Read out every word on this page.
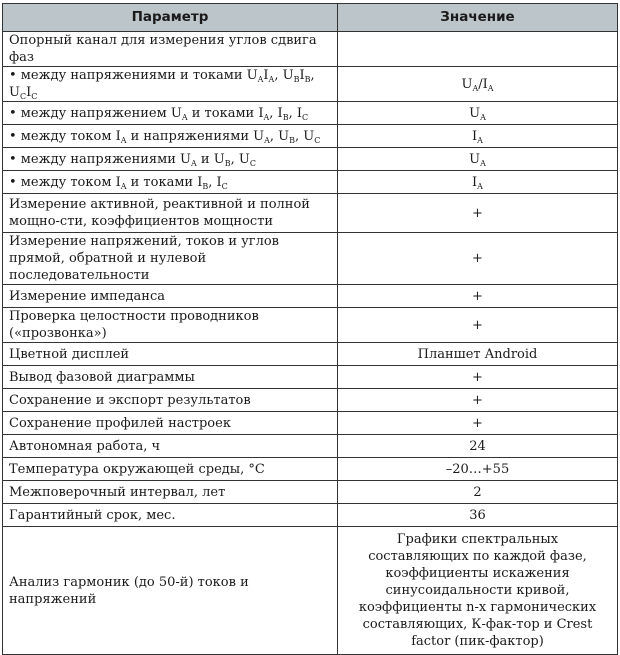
Параметр	Значение
Опорный канал для измерения углов сдвига фаз	
• между напряжениями и токами $U_AI_A$, $U_BI_B$, $U_CI_C$	$U_A/I_A$
• между напряжением $U_A$ и токами $I_A$, $I_B$, $I_C$	$U_A$
• между током $I_A$ и напряжениями $U_A$, $U_B$, $U_C$	$I_A$
• между напряжениями $U_A$ и $U_B$, $U_C$	$U_A$
• между током $I_A$ и токами $I_B$, $I_C$	$I_A$
Измерение активной, реактивной и полной мощно-сти, коэффициентов мощности	+
Измерение напряжений, токов и углов прямой, обратной и нулевой последовательности	+
Измерение импеданса	+
Проверка целостности проводников («прозвонка»)	+
Цветной дисплей	Планшет Android
Вывод фазовой диаграммы	+
Сохранение и экспорт результатов	+
Сохранение профилей настроек	+
Автономная работа, ч	24
Температура окружающей среды, °C	–20…+55
Межповерочный интервал, лет	2
Гарантийный срок, мес.	36
Анализ гармоник (до 50-й) токов и напряжений	Графики спектральных составляющих по каждой фазе, коэффициенты искажения синусоидальности кривой, коэффициенты n-х гармонических составляющих, К-фак-тор и Crest factor (пик-фактор)
